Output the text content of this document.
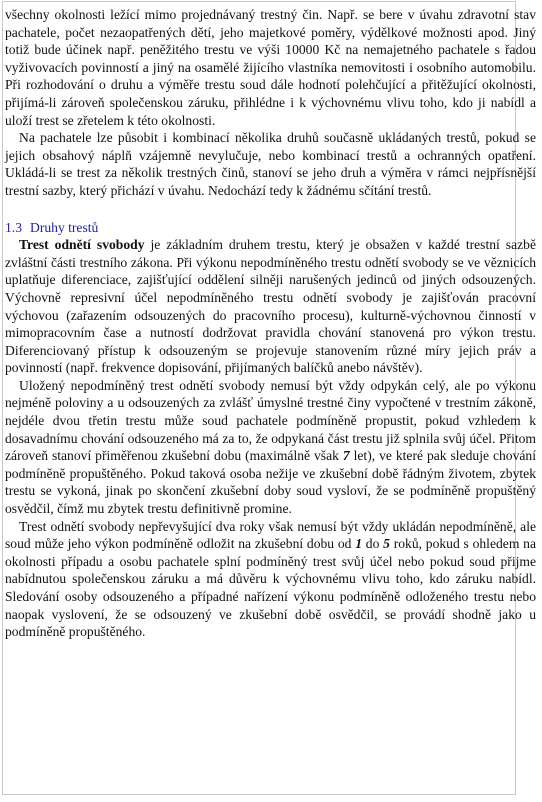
všechny okolnosti ležící mimo projednávaný trestný čin. Např. se bere v úvahu zdravotní stav pachatele, počet nezaopatřených dětí, jeho majetkové poměry, výdělkové možnosti apod. Jiný totiž bude účinek např. peněžitého trestu ve výši 10000 Kč na nemajetného pachatele s řadou vyživovacích povinností a jiný na osamělé žijícího vlastníka nemovitosti i osobního automobilu. Při rozhodování o druhu a výměře trestu soud dále hodnotí polehčující a přitěžující okolnosti, přijímá-li zároveň společenskou záruku, přihlédne i k výchovnému vlivu toho, kdo ji nabídl a uloží trest se zřetelem k této okolnosti.

Na pachatele lze působit i kombinací několika druhů současně ukládaných trestů, pokud se jejich obsahový náplň vzájemně nevylučuje, nebo kombinací trestů a ochranných opatření. Ukládá-li se trest za několik trestných činů, stanoví se jeho druh a výměra v rámci nejpřísnější trestní sazby, který přichází v úvahu. Nedochází tedy k žádnému sčítání trestů.

1.3 Druhy trestů

Trest odnětí svobody je základním druhem trestu, který je obsažen v každé trestní sazbě zvláštní části trestního zákona. Při výkonu nepodmíněného trestu odnětí svobody se ve věznicích uplatňuje diferenciace, zajišťující oddělení silněji narušených jedinců od jiných odsouzených. Výchovně represivní účel nepodmíněného trestu odnětí svobody je zajišťován pracovní výchovou (zařazením odsouzených do pracovního procesu), kulturně-výchovnou činností v mimopracovním čase a nutností dodržovat pravidla chování stanovená pro výkon trestu. Diferenciovaný přístup k odsouzeným se projevuje stanovením různé míry jejich práv a povinností (např. frekvence dopisování, přijímaných balíčků anebo návštěv).

Uložený nepodmíněný trest odnětí svobody nemusí být vždy odpykán celý, ale po výkonu nejméně poloviny a u odsouzených za zvlášť úmyslné trestné činy vypočtené v trestním zákoně, nejdéle dvou třetin trestu může soud pachatele podmíněně propustit, pokud vzhledem k dosavadnímu chování odsouzeného má za to, že odpykaná část trestu již splnila svůj účel. Přitom zároveň stanoví přiměřenou zkušební dobu (maximálně však 7 let), ve které pak sleduje chování podmíněně propuštěného. Pokud taková osoba nežije ve zkušební době řádným životem, zbytek trestu se vykoná, jinak po skončení zkušební doby soud vysloví, že se podmíněně propuštěný osvědčil, čímž mu zbytek trestu definitivně promine.

Trest odnětí svobody nepřevyšující dva roky však nemusí být vždy ukládán nepodmíněně, ale soud může jeho výkon podmíněně odložit na zkušební dobu od 1 do 5 roků, pokud s ohledem na okolnosti případu a osobu pachatele splní podmíněný trest svůj účel nebo pokud soud přijme nabídnutou společenskou záruku a má důvěru k výchovnému vlivu toho, kdo záruku nabídl. Sledování osoby odsouzeného a případné nařízení výkonu podmíněně odloženého trestu nebo naopak vyslovení, že se odsouzený ve zkušební době osvědčil, se provádí shodně jako u podmíněně propuštěného.
